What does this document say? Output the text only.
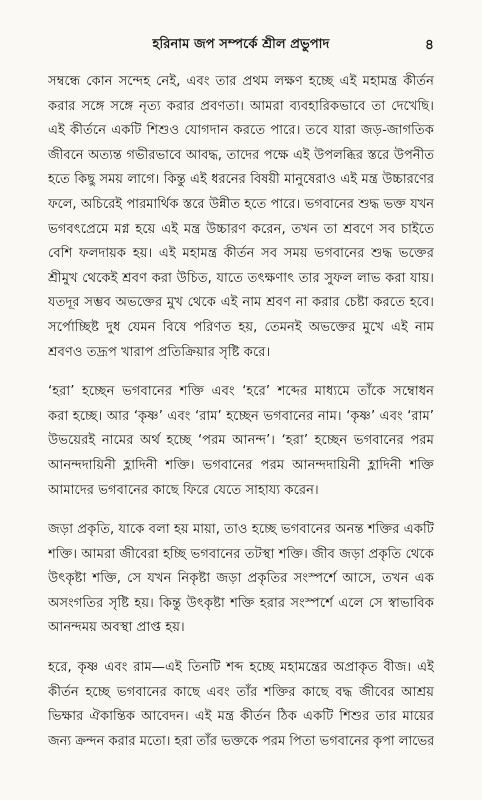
হরিনাম জপ সম্পর্কে শ্রীল প্রভুপাদ	৪
সম্বন্ধে কোন সন্দেহ নেই, এবং তার প্রথম লক্ষণ হচ্ছে এই মহামন্ত্র কীর্তন
করার সঙ্গে সঙ্গে নৃত্য করার প্রবণতা। আমরা ব্যবহারিকভাবে তা দেখেছি।
এই কীর্তনে একটি শিশুও যোগদান করতে পারে। তবে যারা জড়-জাগতিক
জীবনে অত্যন্ত গভীরভাবে আবদ্ধ, তাদের পক্ষে এই উপলব্ধির স্তরে উপনীত
হতে কিছু সময় লাগে। কিন্তু এই ধরনের বিষয়ী মানুষেরাও এই মন্ত্র উচ্চারণের
ফলে, অচিরেই পারমার্থিক স্তরে উন্নীত হতে পারে। ভগবানের শুদ্ধ ভক্ত যখন
ভগবৎপ্রেমে মগ্ন হয়ে এই মন্ত্র উচ্চারণ করেন, তখন তা শ্রবণে সব চাইতে
বেশি ফলদায়ক হয়। এই মহামন্ত্র কীর্তন সব সময় ভগবানের শুদ্ধ ভক্তের
শ্রীমুখ থেকেই শ্রবণ করা উচিত, যাতে তৎক্ষণাৎ তার সুফল লাভ করা যায়।
যতদূর সম্ভব অভক্তের মুখ থেকে এই নাম শ্রবণ না করার চেষ্টা করতে হবে।
সর্পোচ্ছিষ্ট দুধ যেমন বিষে পরিণত হয়, তেমনই অভক্তের মুখে এই নাম
শ্রবণও তদ্রূপ খারাপ প্রতিক্রিয়ার সৃষ্টি করে।
‘হরা’ হচ্ছেন ভগবানের শক্তি এবং ‘হরে’ শব্দের মাধ্যমে তাঁকে সম্বোধন
করা হচ্ছে। আর ‘কৃষ্ণ’ এবং ‘রাম’ হচ্ছেন ভগবানের নাম। ‘কৃষ্ণ’ এবং ‘রাম’
উভয়েরই নামের অর্থ হচ্ছে ‘পরম আনন্দ’। ‘হরা’ হচ্ছেন ভগবানের পরম
আনন্দদায়িনী হ্লাদিনী শক্তি। ভগবানের পরম আনন্দদায়িনী হ্লাদিনী শক্তি
আমাদের ভগবানের কাছে ফিরে যেতে সাহায্য করেন।
জড়া প্রকৃতি, যাকে বলা হয় মায়া, তাও হচ্ছে ভগবানের অনন্ত শক্তির একটি
শক্তি। আমরা জীবেরা হচ্ছি ভগবানের তটস্থা শক্তি। জীব জড়া প্রকৃতি থেকে
উৎকৃষ্টা শক্তি, সে যখন নিকৃষ্টা জড়া প্রকৃতির সংস্পর্শে আসে, তখন এক
অসংগতির সৃষ্টি হয়। কিন্তু উৎকৃষ্টা শক্তি হরার সংস্পর্শে এলে সে স্বাভাবিক
আনন্দময় অবস্থা প্রাপ্ত হয়।
হরে, কৃষ্ণ এবং রাম—এই তিনটি শব্দ হচ্ছে মহামন্ত্রের অপ্রাকৃত বীজ। এই
কীর্তন হচ্ছে ভগবানের কাছে এবং তাঁর শক্তির কাছে বদ্ধ জীবের আশ্রয়
ভিক্ষার ঐকান্তিক আবেদন। এই মন্ত্র কীর্তন ঠিক একটি শিশুর তার মায়ের
জন্য ক্রন্দন করার মতো। হরা তাঁর ভক্তকে পরম পিতা ভগবানের কৃপা লাভের
